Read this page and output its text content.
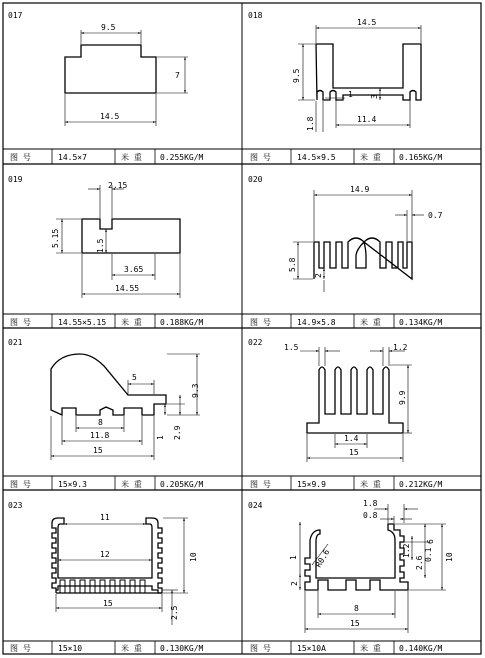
017	018
019	020
021	022
023	024
图 号	14.5×7	米 重 0.255KG/M	图 号	14.5×9.5	米 重 0.165KG/M
图 号	14.55×5.15 米 重 0.188KG/M	图 号	14.9×5.8	米 重 0.134KG/M
图 号	15×9.3	米 重 0.205KG/M	图 号	15×9.9	米 重 0.212KG/M
图 号	15×10	米 重 0.130KG/M	图 号	15×10A	米 重 0.140KG/M
9.5
7
14.5
14.5
9.5
1 3
1.8	11.4
2.15
5.15	1.5
3.65
14.55
14.9
0.7
5.8
2
5
9.3
8
11.8	1 2.9
15
1.5	1.2
9.9
1.4
15
11
12	10
15
2.5
1.8
0.8
1 R0.6
2
1.2
2.6
6
0.1 10
8
15
